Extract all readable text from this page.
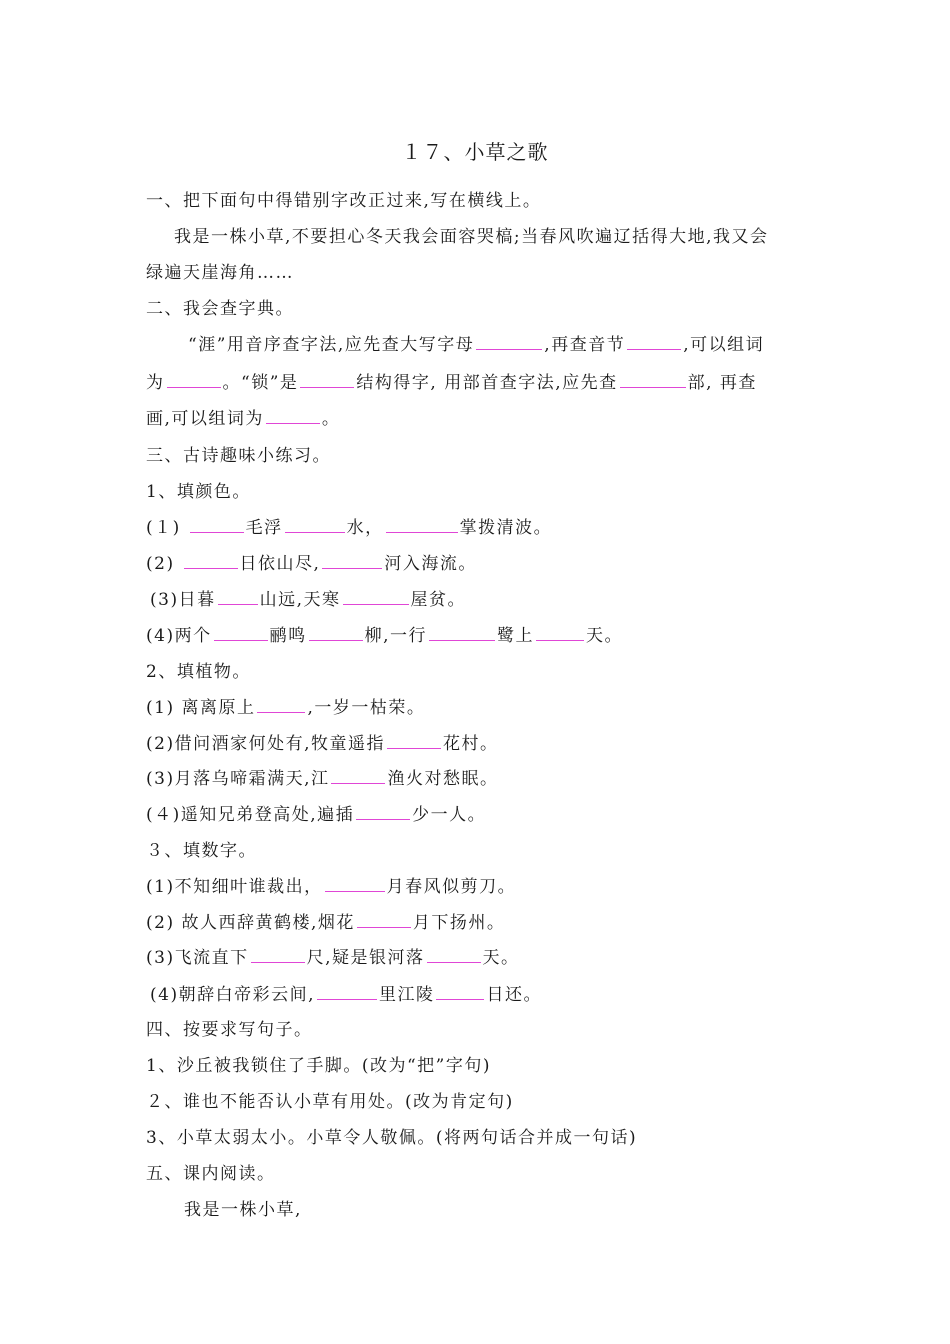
１７、小草之歌
一、把下面句中得错别字改正过来,写在横线上。
我是一株小草,不要担心冬天我会面容哭槁;当春风吹遍辽括得大地,我又会
绿遍天崖海角……
二、我会查字典。
“涯”用音序查字法,应先查大写字母	,再查音节	,可以组词
为	。“锁”是	结构得字, 用部首查字法,应先查	部, 再查
画,可以组词为	。
三、古诗趣味小练习。
1、填颜色。
(１)	毛浮	水，	掌拨清波。
(2)	日依山尽,	河入海流。
(3)日暮	山远,天寒	屋贫。
(4)两个	鹂鸣	柳,一行	鹭上	天。
2、填植物。
(1) 离离原上	,一岁一枯荣。
(2)借问酒家何处有,牧童遥指	花村。
(3)月落乌啼霜满天,江	渔火对愁眠。
(４)遥知兄弟登高处,遍插	少一人。
３、填数字。
(1)不知细叶谁裁出，	月春风似剪刀。
(2) 故人西辞黄鹤楼,烟花	月下扬州。
(3)飞流直下	尺,疑是银河落	天。
(4)朝辞白帝彩云间,	里江陵	日还。
四、按要求写句子。
1、沙丘被我锁住了手脚。(改为“把”字句)
２、谁也不能否认小草有用处。(改为肯定句)
3、小草太弱太小。小草令人敬佩。(将两句话合并成一句话)
五、课内阅读。
我是一株小草,
